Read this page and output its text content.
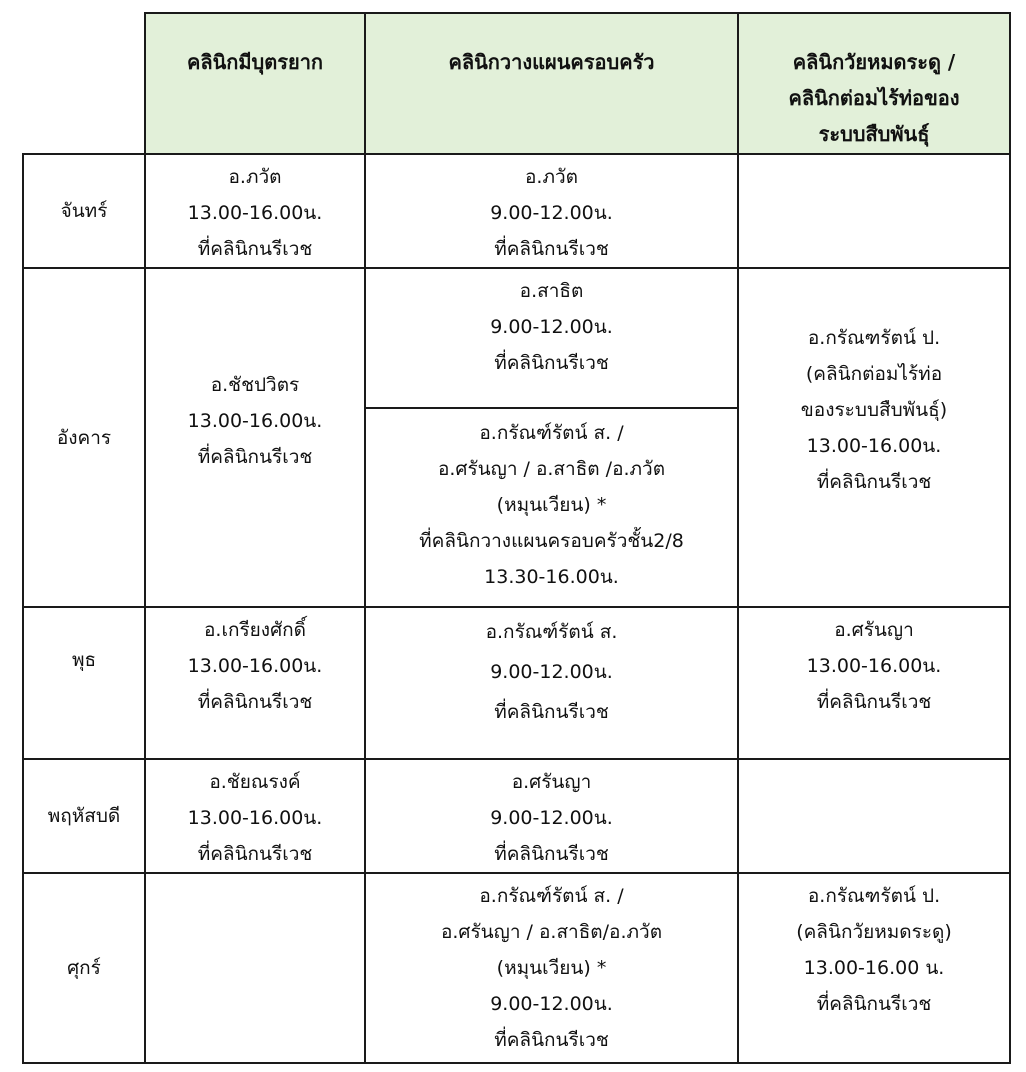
	คลินิกมีบุตรยาก	คลินิกวางแผนครอบครัว	คลินิกวัยหมดระดู /
คลินิกต่อมไร้ท่อของ
ระบบสืบพันธุ์

จันทร์	อ.ภวัต
13.00-16.00น.
ที่คลินิกนรีเวช	อ.ภวัต
9.00-12.00น.
ที่คลินิกนรีเวช	

อังคาร	อ.ชัชปวิตร
13.00-16.00น.
ที่คลินิกนรีเวช	อ.สาธิต
9.00-12.00น.
ที่คลินิกนรีเวช	อ.กรัณฑรัตน์ ป.
(คลินิกต่อมไร้ท่อ
ของระบบสืบพันธุ์)
13.00-16.00น.
ที่คลินิกนรีเวช

		อ.กรัณฑ์รัตน์ ส. /
อ.ศรันญา / อ.สาธิต /อ.ภวัต
(หมุนเวียน) *
ที่คลินิกวางแผนครอบครัวชั้น2/8
13.30-16.00น.	

พุธ	อ.เกรียงศักดิ์
13.00-16.00น.
ที่คลินิกนรีเวช	อ.กรัณฑ์รัตน์ ส.
9.00-12.00น.
ที่คลินิกนรีเวช	อ.ศรันญา
13.00-16.00น.
ที่คลินิกนรีเวช

พฤหัสบดี	อ.ชัยณรงค์
13.00-16.00น.
ที่คลินิกนรีเวช	อ.ศรันญา
9.00-12.00น.
ที่คลินิกนรีเวช	

ศุกร์		อ.กรัณฑ์รัตน์ ส. /
อ.ศรันญา / อ.สาธิต/อ.ภวัต
(หมุนเวียน) *
9.00-12.00น.
ที่คลินิกนรีเวช	อ.กรัณฑรัตน์ ป.
(คลินิกวัยหมดระดู)
13.00-16.00 น.
ที่คลินิกนรีเวช
